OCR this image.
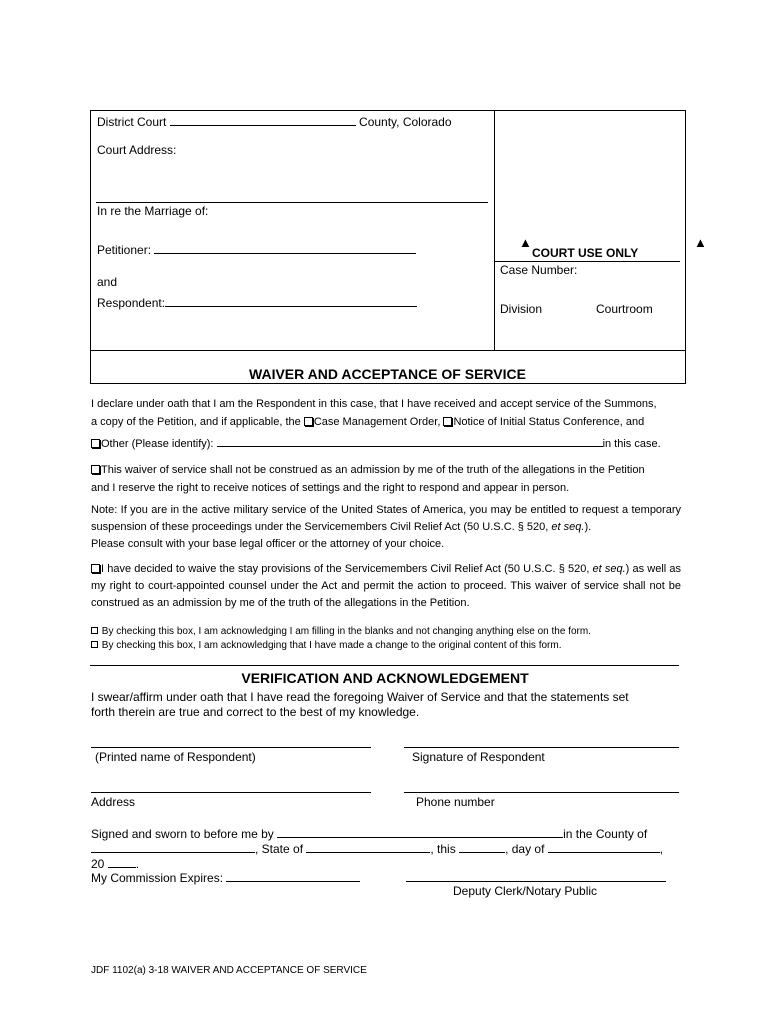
District Court	County, Colorado
Court Address:
In re the Marriage of:
Petitioner:
and
Respondent:
▲
COURT USE ONLY
▲
Case Number:
Division	Courtroom
WAIVER AND ACCEPTANCE OF SERVICE
I declare under oath that I am the Respondent in this case, that I have received and accept service of the Summons,
a copy of the Petition, and if applicable, the Case Management Order, Notice of Initial Status Conference, and
Other (Please identify):	in this case.
This waiver of service shall not be construed as an admission by me of the truth of the allegations in the Petition
and I reserve the right to receive notices of settings and the right to respond and appear in person.
Note: If you are in the active military service of the United States of America, you may be entitled to request a temporary suspension of these proceedings under the Servicemembers Civil Relief Act (50 U.S.C. § 520, et seq.).
Please consult with your base legal officer or the attorney of your choice.
I have decided to waive the stay provisions of the Servicemembers Civil Relief Act (50 U.S.C. § 520, et seq.) as well as my right to court-appointed counsel under the Act and permit the action to proceed. This waiver of service shall not be construed as an admission by me of the truth of the allegations in the Petition.
By checking this box, I am acknowledging I am filling in the blanks and not changing anything else on the form.
By checking this box, I am acknowledging that I have made a change to the original content of this form.
VERIFICATION AND ACKNOWLEDGEMENT
I swear/affirm under oath that I have read the foregoing Waiver of Service and that the statements set
forth therein are true and correct to the best of my knowledge.
(Printed name of Respondent)	Signature of Respondent
Address	Phone number
Signed and sworn to before me by	in the County of
, State of	, this	, day of	,
20	.
My Commission Expires:
Deputy Clerk/Notary Public
JDF 1102(a) 3-18 WAIVER AND ACCEPTANCE OF SERVICE
